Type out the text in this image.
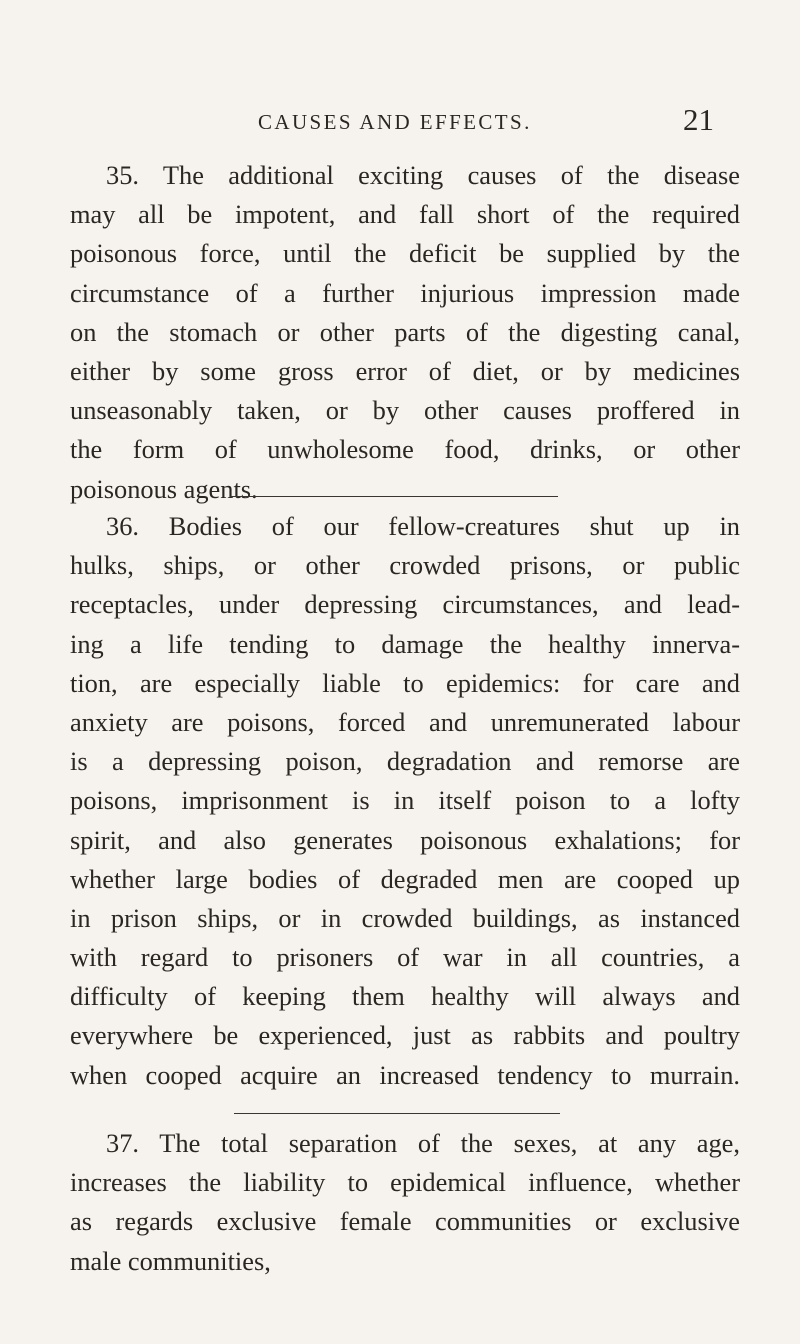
CAUSES AND EFFECTS.	21
35. The additional exciting causes of the disease
may all be impotent, and fall short of the required
poisonous force, until the deficit be supplied by the
circumstance of a further injurious impression made
on the stomach or other parts of the digesting canal,
either by some gross error of diet, or by medicines
unseasonably taken, or by other causes proffered in
the form of unwholesome food, drinks, or other
poisonous agents.
36. Bodies of our fellow-creatures shut up in
hulks, ships, or other crowded prisons, or public
receptacles, under depressing circumstances, and lead-
ing a life tending to damage the healthy innerva-
tion, are especially liable to epidemics: for care and
anxiety are poisons, forced and unremunerated labour
is a depressing poison, degradation and remorse are
poisons, imprisonment is in itself poison to a lofty
spirit, and also generates poisonous exhalations; for
whether large bodies of degraded men are cooped up
in prison ships, or in crowded buildings, as instanced
with regard to prisoners of war in all countries, a
difficulty of keeping them healthy will always and
everywhere be experienced, just as rabbits and poultry
when cooped acquire an increased tendency to murrain.
37. The total separation of the sexes, at any age,
increases the liability to epidemical influence, whether
as regards exclusive female communities or exclusive
male communities,
